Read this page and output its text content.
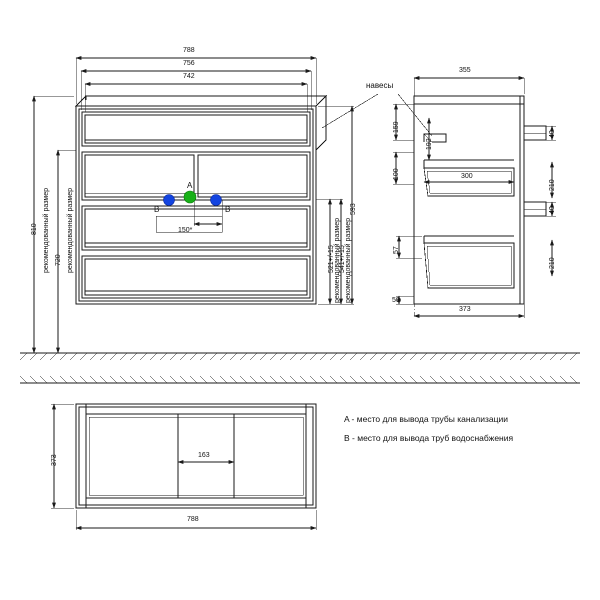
788
756
742
150*
810
720
593
рекомендованный размер рекомендованный размер	рекомендованный размер рекомендованный размер
521+/-15 541+/-15
A
B	B
навесы
355
300
373
159
192
100
40
210
40
210
57
50
373
788
163
A - место для вывода трубы канализации
B - место для вывода труб водоснабжения
